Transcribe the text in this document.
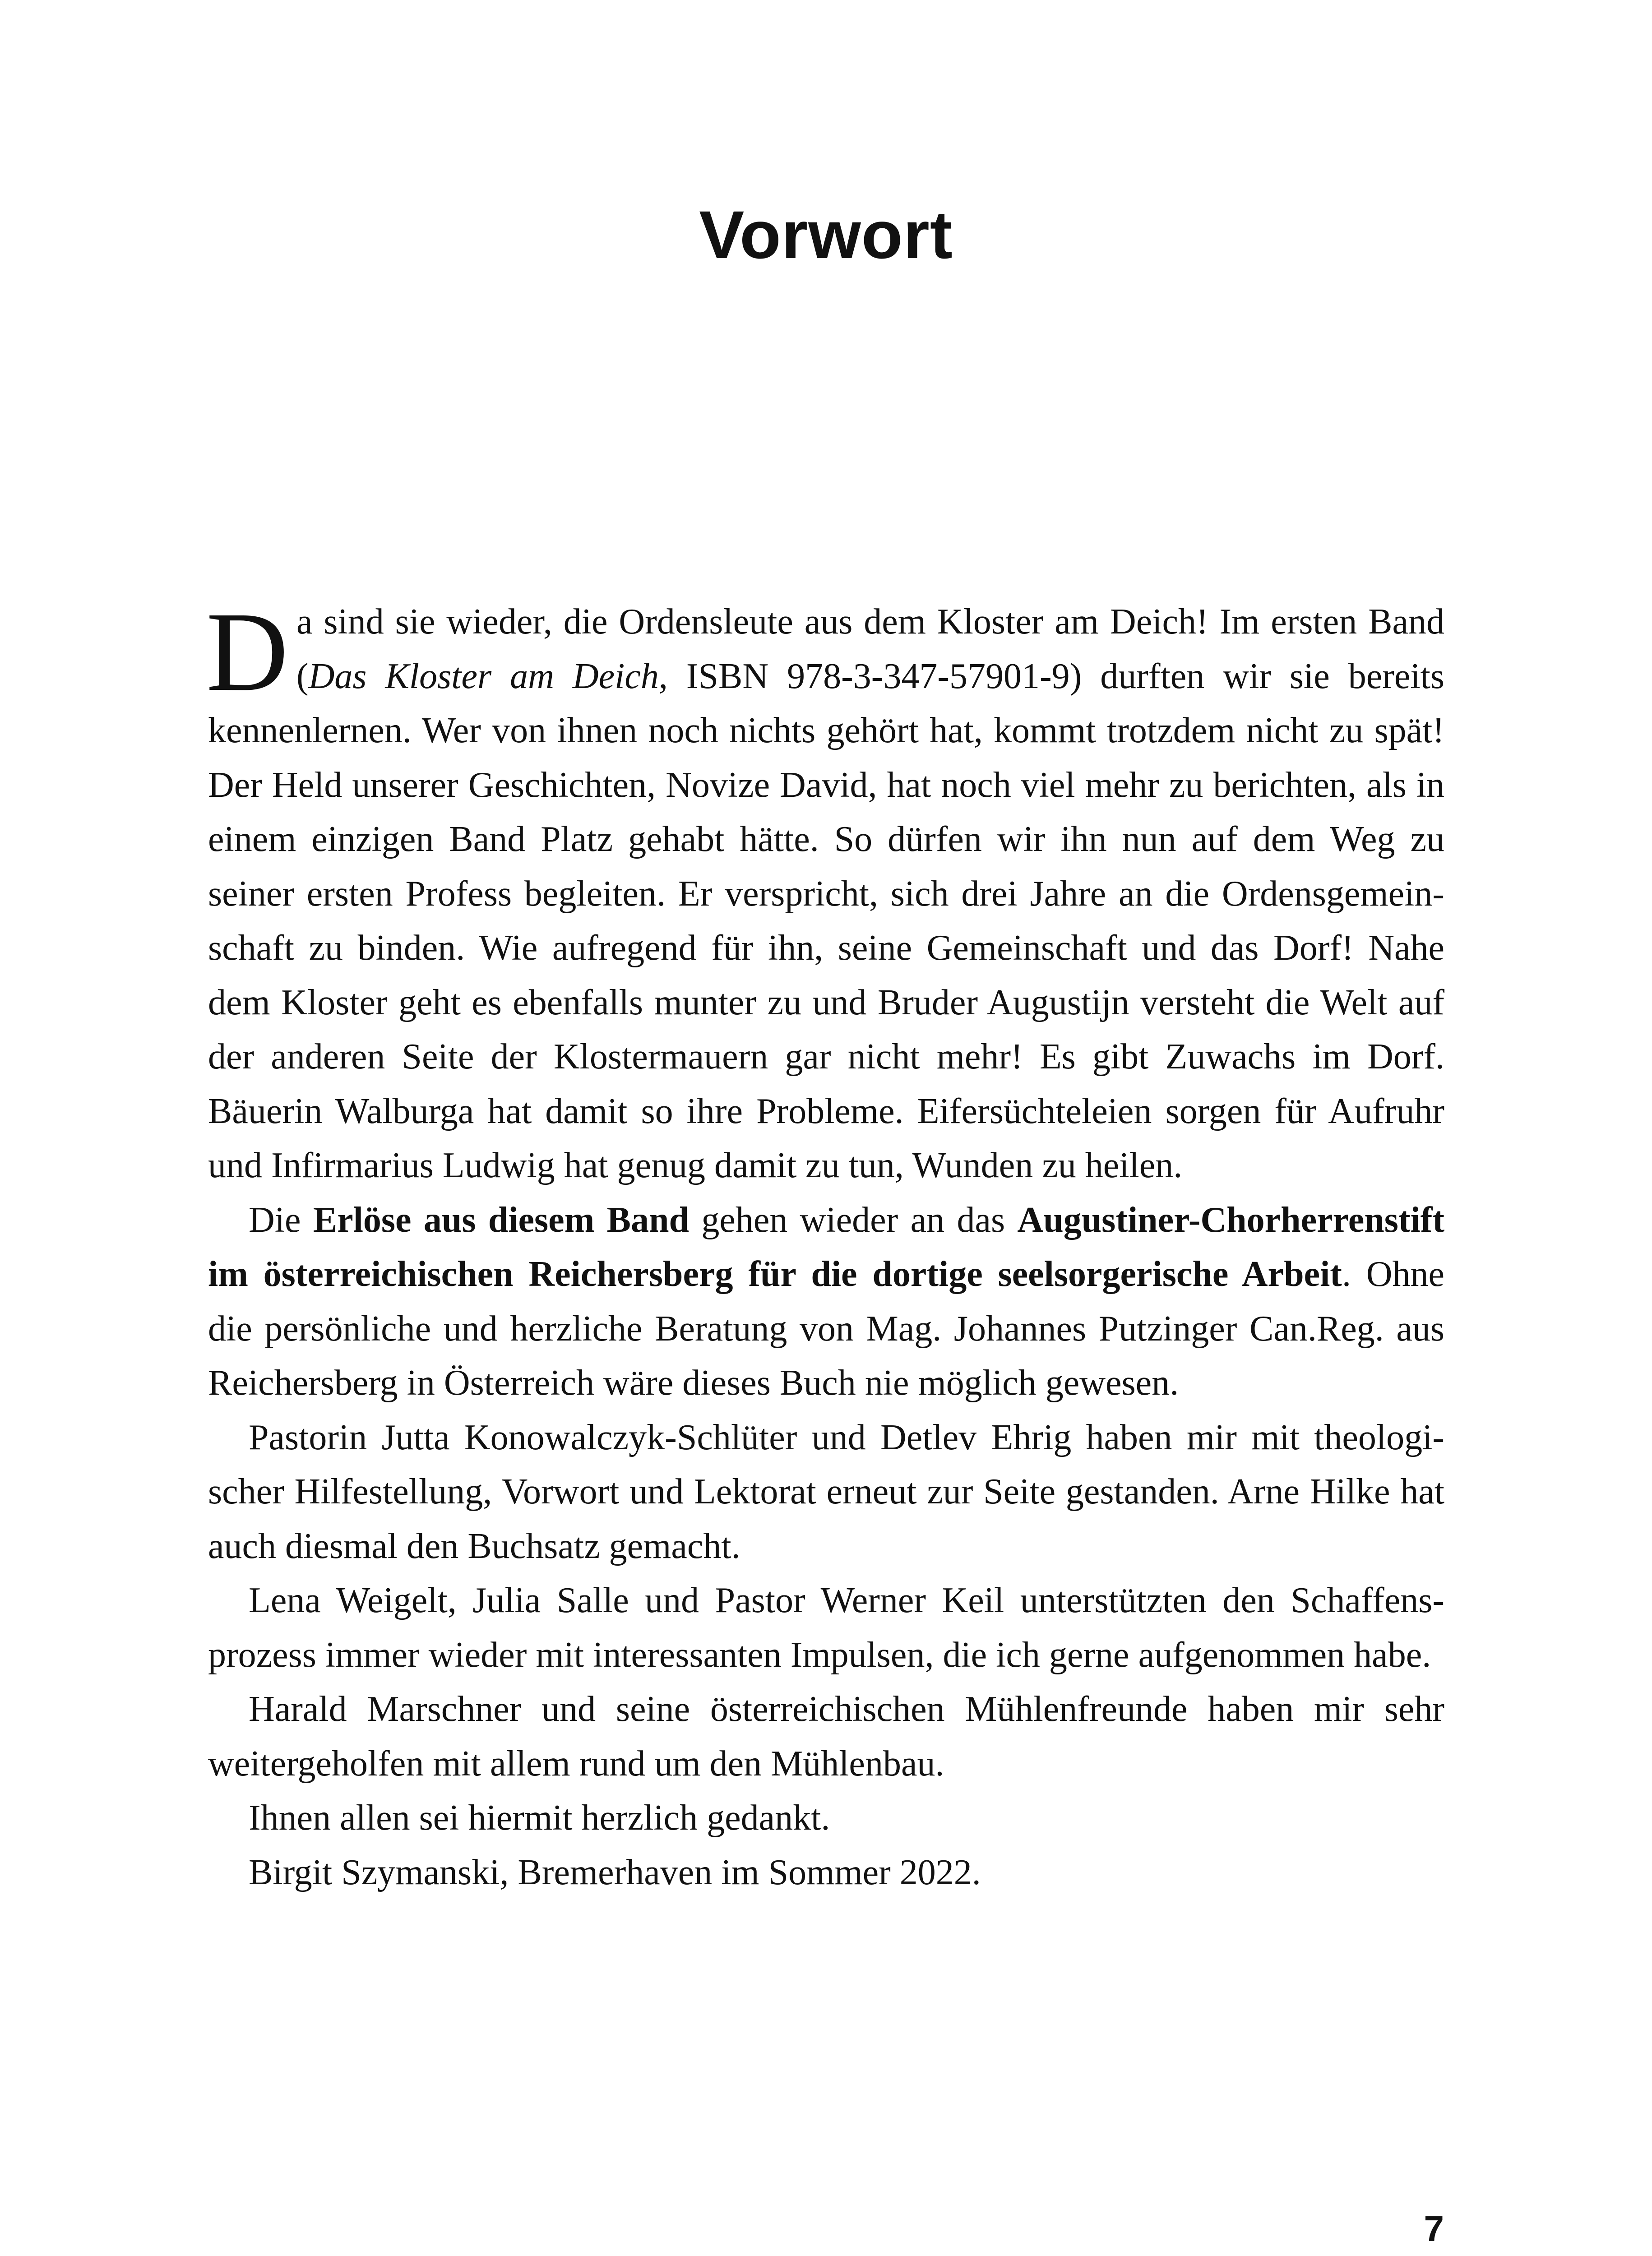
Vorwort

Da sind sie wieder, die Ordensleute aus dem Kloster am Deich! Im ersten Band (Das Kloster am Deich, ISBN 978-3-347-57901-9) durften wir sie bereits kennenlernen. Wer von ihnen noch nichts gehört hat, kommt trotzdem nicht zu spät! Der Held unserer Geschichten, Novize David, hat noch viel mehr zu berichten, als in einem einzigen Band Platz gehabt hätte. So dürfen wir ihn nun auf dem Weg zu seiner ersten Profess begleiten. Er verspricht, sich drei Jahre an die Ordensgemeinschaft zu binden. Wie aufregend für ihn, seine Gemeinschaft und das Dorf! Nahe dem Kloster geht es ebenfalls munter zu und Bruder Augustijn versteht die Welt auf der anderen Seite der Klostermauern gar nicht mehr! Es gibt Zuwachs im Dorf. Bäuerin Walburga hat damit so ihre Probleme. Eifersüchteleien sorgen für Aufruhr und Infirmarius Ludwig hat genug damit zu tun, Wunden zu heilen.

Die Erlöse aus diesem Band gehen wieder an das Augustiner-Chorherrenstift im österreichischen Reichersberg für die dortige seelsorgerische Arbeit. Ohne die persönliche und herzliche Beratung von Mag. Johannes Putzinger Can.Reg. aus Reichersberg in Österreich wäre dieses Buch nie möglich gewesen.

Pastorin Jutta Konowalczyk-Schlüter und Detlev Ehrig haben mir mit theologischer Hilfestellung, Vorwort und Lektorat erneut zur Seite gestanden. Arne Hilke hat auch diesmal den Buchsatz gemacht.

Lena Weigelt, Julia Salle und Pastor Werner Keil unterstützten den Schaffensprozess immer wieder mit interessanten Impulsen, die ich gerne aufgenommen habe.

Harald Marschner und seine österreichischen Mühlenfreunde haben mir sehr weitergeholfen mit allem rund um den Mühlenbau.

Ihnen allen sei hiermit herzlich gedankt.

Birgit Szymanski, Bremerhaven im Sommer 2022.

7
